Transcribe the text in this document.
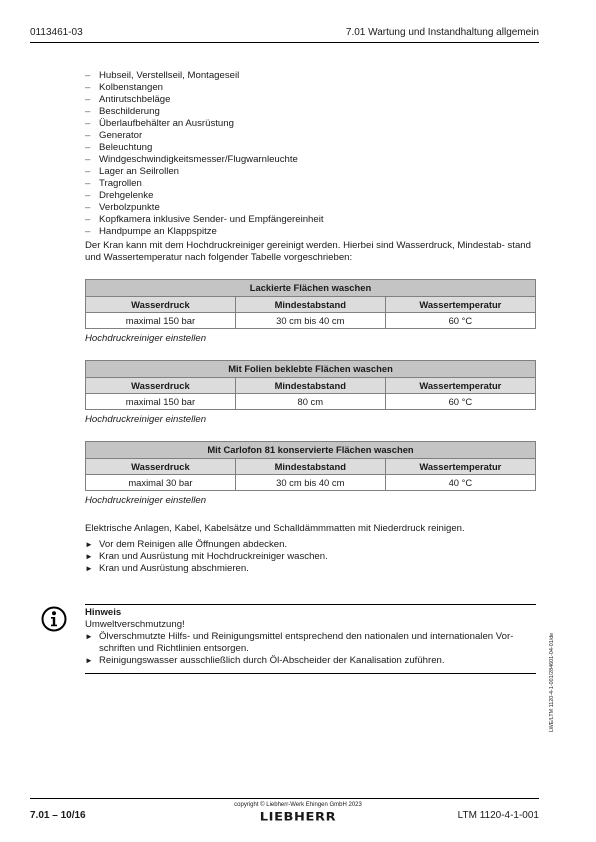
0113461-03	7.01 Wartung und Instandhaltung allgemein
– Hubseil, Verstellseil, Montageseil
– Kolbenstangen
– Antirutschbeläge
– Beschilderung
– Überlaufbehälter an Ausrüstung
– Generator
– Beleuchtung
– Windgeschwindigkeitsmesser/Flugwarnleuchte
– Lager an Seilrollen
– Tragrollen
– Drehgelenke
– Verbolzpunkte
– Kopfkamera inklusive Sender- und Empfängereinheit
– Handpumpe an Klappspitze

Der Kran kann mit dem Hochdruckreiniger gereinigt werden. Hierbei sind Wasserdruck, Mindestab- stand und Wassertemperatur nach folgender Tabelle vorgeschrieben:

Lackierte Flächen waschen		
Wasserdruck	Mindestabstand	Wassertemperatur
maximal 150 bar	30 cm bis 40 cm	60 °C
Hochdruckreiniger einstellen
Mit Folien beklebte Flächen waschen		
Wasserdruck	Mindestabstand	Wassertemperatur
maximal 150 bar	80 cm	60 °C
Hochdruckreiniger einstellen
Mit Carlofon 81 konservierte Flächen waschen		
Wasserdruck	Mindestabstand	Wassertemperatur
maximal 30 bar	30 cm bis 40 cm	40 °C
Hochdruckreiniger einstellen

Elektrische Anlagen, Kabel, Kabelsätze und Schalldämmmatten mit Niederdruck reinigen.

► Vor dem Reinigen alle Öffnungen abdecken.
► Kran und Ausrüstung mit Hochdruckreiniger waschen.
► Kran und Ausrüstung abschmieren.
Hinweis
Umweltverschmutzung!
► Ölverschmutzte Hilfs- und Reinigungsmittel entsprechend den nationalen und internationalen Vor- schriften und Richtlinien entsorgen.
► Reinigungswasser ausschließlich durch Öl-Abscheider der Kanalisation zuführen.	LWE/LTM 1120-4-1-001/284601-04-01/de
7.01 – 10/16
copyright © Liebherr-Werk Ehingen GmbH 2023
LIEBHERR	LTM 1120-4-1-001
